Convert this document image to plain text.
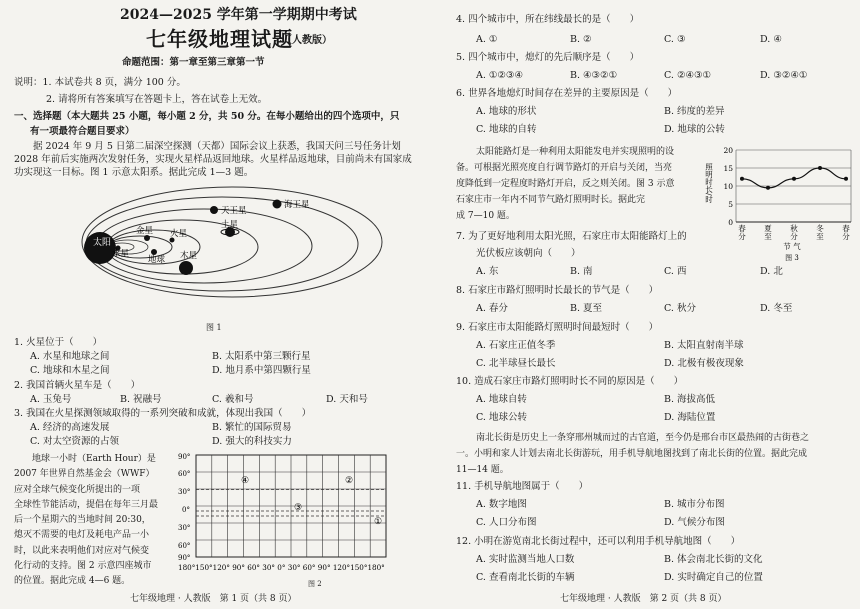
2024—2025 学年第一学期期中考试
七年级地理试题
（人教版）
命题范围：第一章至第三章第一节
说明：1. 本试卷共 8 页，满分 100 分。
2. 请将所有答案填写在答题卡上，答在试卷上无效。
一、选择题（本大题共 25 小题，每小题 2 分，共 50 分。在每小题给出的四个选项中，只
有一项最符合题目要求）

据 2024 年 9 月 5 日第二届深空探测（天都）国际会议上获悉，我国天问三号任务计划 2028 年前后实施两次发射任务，实现火星样品返回地球。火星样品返地球，目前尚未有国家成功实现这一目标。图 1 示意太阳系。据此完成 1—3 题。

太阳
水星
金星
地球
火星
木星
土星
天王星
海王星
图 1
1. 火星位于（　　）
A. 水星和地球之间	B. 太阳系中第三颗行星
C. 地球和木星之间	D. 地月系中第四颗行星
2. 我国首辆火星车是（　　）
A. 玉兔号	B. 祝融号	C. 羲和号	D. 天和号
3. 我国在火星探测领域取得的一系列突破和成就，体现出我国（　　）
A. 经济的高速发展	B. 繁忙的国际贸易
C. 对太空资源的占领	D. 强大的科技实力
地球一小时（Earth Hour）是
2007 年世界自然基金会（WWF）
应对全球气候变化所提出的一项
全球性节能活动，提倡在每年三月最
后一个星期六的当地时间 20:30，
熄灭不需要的电灯及耗电产品一小
时，以此来表明他们对应对气候变
化行动的支持。图 2 示意四座城市
的位置。据此完成 4—6 题。
90°
60°
30°
0°
30°
60°
90°
④	②
③
①
180°150°120° 90° 60° 30° 0° 30° 60° 90° 120°150°180°
图 2
七年级地理 · 人教版　第 1 页（共 8 页）
4. 四个城市中，所在纬线最长的是（　　）
A. ①	B. ②	C. ③	D. ④
5. 四个城市中，熄灯的先后顺序是（　　）
A. ①②③④	B. ④③②①	C. ②④③①	D. ③②④①
6. 世界各地熄灯时间存在差异的主要原因是（　　）
A. 地球的形状	B. 纬度的差异
C. 地球的自转	D. 地球的公转
太阳能路灯是一种利用太阳能发电并实现照明的设
备。可根据光照亮度自行调节路灯的开启与关闭，当亮
度降低到一定程度时路灯开启，反之则关闭。图 3 示意
石家庄市一年内不同节气路灯照明时长。据此完
成 7—10 题。
照明时长/时
20
15
10
5
0
春
分
夏
至
秋
分
冬
至
春
分
节 气
图 3
7. 为了更好地利用太阳光照，石家庄市太阳能路灯上的
光伏板应该朝向（　　）
A. 东	B. 南	C. 西	D. 北
8. 石家庄市路灯照明时长最长的节气是（　　）
A. 春分	B. 夏至	C. 秋分	D. 冬至
9. 石家庄市太阳能路灯照明时间最短时（　　）
A. 石家庄正值冬季	B. 太阳直射南半球
C. 北半球昼长最长	D. 北极有极夜现象
10. 造成石家庄市路灯照明时长不同的原因是（　　）
A. 地球自转	B. 海拔高低
C. 地球公转	D. 海陆位置
南北长街是历史上一条穿邢州城而过的古官道，至今仍是邢台市区最热闹的古街巷之
一。小明和家人计划去南北长街游玩，用手机导航地图找到了南北长街的位置。据此完成
11—14 题。
11. 手机导航地图属于（　　）
A. 数字地图	B. 城市分布图
C. 人口分布图	D. 气候分布图
12. 小明在游览南北长街过程中，还可以利用手机导航地图（　　）
A. 实时监测当地人口数	B. 体会南北长街的文化
C. 查看南北长街的车辆	D. 实时确定自己的位置
七年级地理 · 人教版　第 2 页（共 8 页）
